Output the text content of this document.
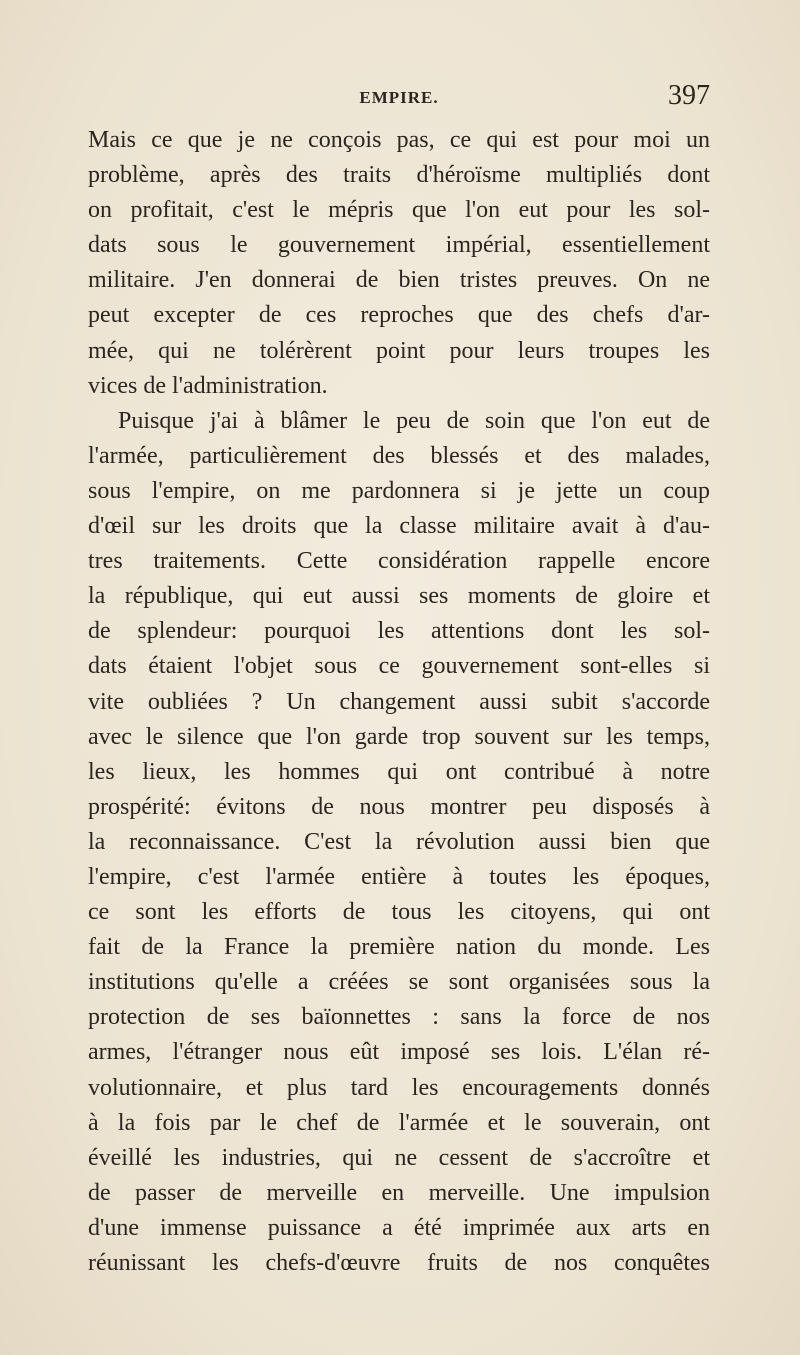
EMPIRE.	397
Mais ce que je ne conçois pas, ce qui est pour moi un
problème, après des traits d'héroïsme multipliés dont
on profitait, c'est le mépris que l'on eut pour les sol-
dats sous le gouvernement impérial, essentiellement
militaire. J'en donnerai de bien tristes preuves. On ne
peut excepter de ces reproches que des chefs d'ar-
mée, qui ne tolérèrent point pour leurs troupes les
vices de l'administration.
Puisque j'ai à blâmer le peu de soin que l'on eut de
l'armée, particulièrement des blessés et des malades,
sous l'empire, on me pardonnera si je jette un coup
d'œil sur les droits que la classe militaire avait à d'au-
tres traitements. Cette considération rappelle encore
la république, qui eut aussi ses moments de gloire et
de splendeur: pourquoi les attentions dont les sol-
dats étaient l'objet sous ce gouvernement sont-elles si
vite oubliées ? Un changement aussi subit s'accorde
avec le silence que l'on garde trop souvent sur les temps,
les lieux, les hommes qui ont contribué à notre
prospérité: évitons de nous montrer peu disposés à
la reconnaissance. C'est la révolution aussi bien que
l'empire, c'est l'armée entière à toutes les époques,
ce sont les efforts de tous les citoyens, qui ont
fait de la France la première nation du monde. Les
institutions qu'elle a créées se sont organisées sous la
protection de ses baïonnettes : sans la force de nos
armes, l'étranger nous eût imposé ses lois. L'élan ré-
volutionnaire, et plus tard les encouragements donnés
à la fois par le chef de l'armée et le souverain, ont
éveillé les industries, qui ne cessent de s'accroître et
de passer de merveille en merveille. Une impulsion
d'une immense puissance a été imprimée aux arts en
réunissant les chefs-d'œuvre fruits de nos conquêtes
